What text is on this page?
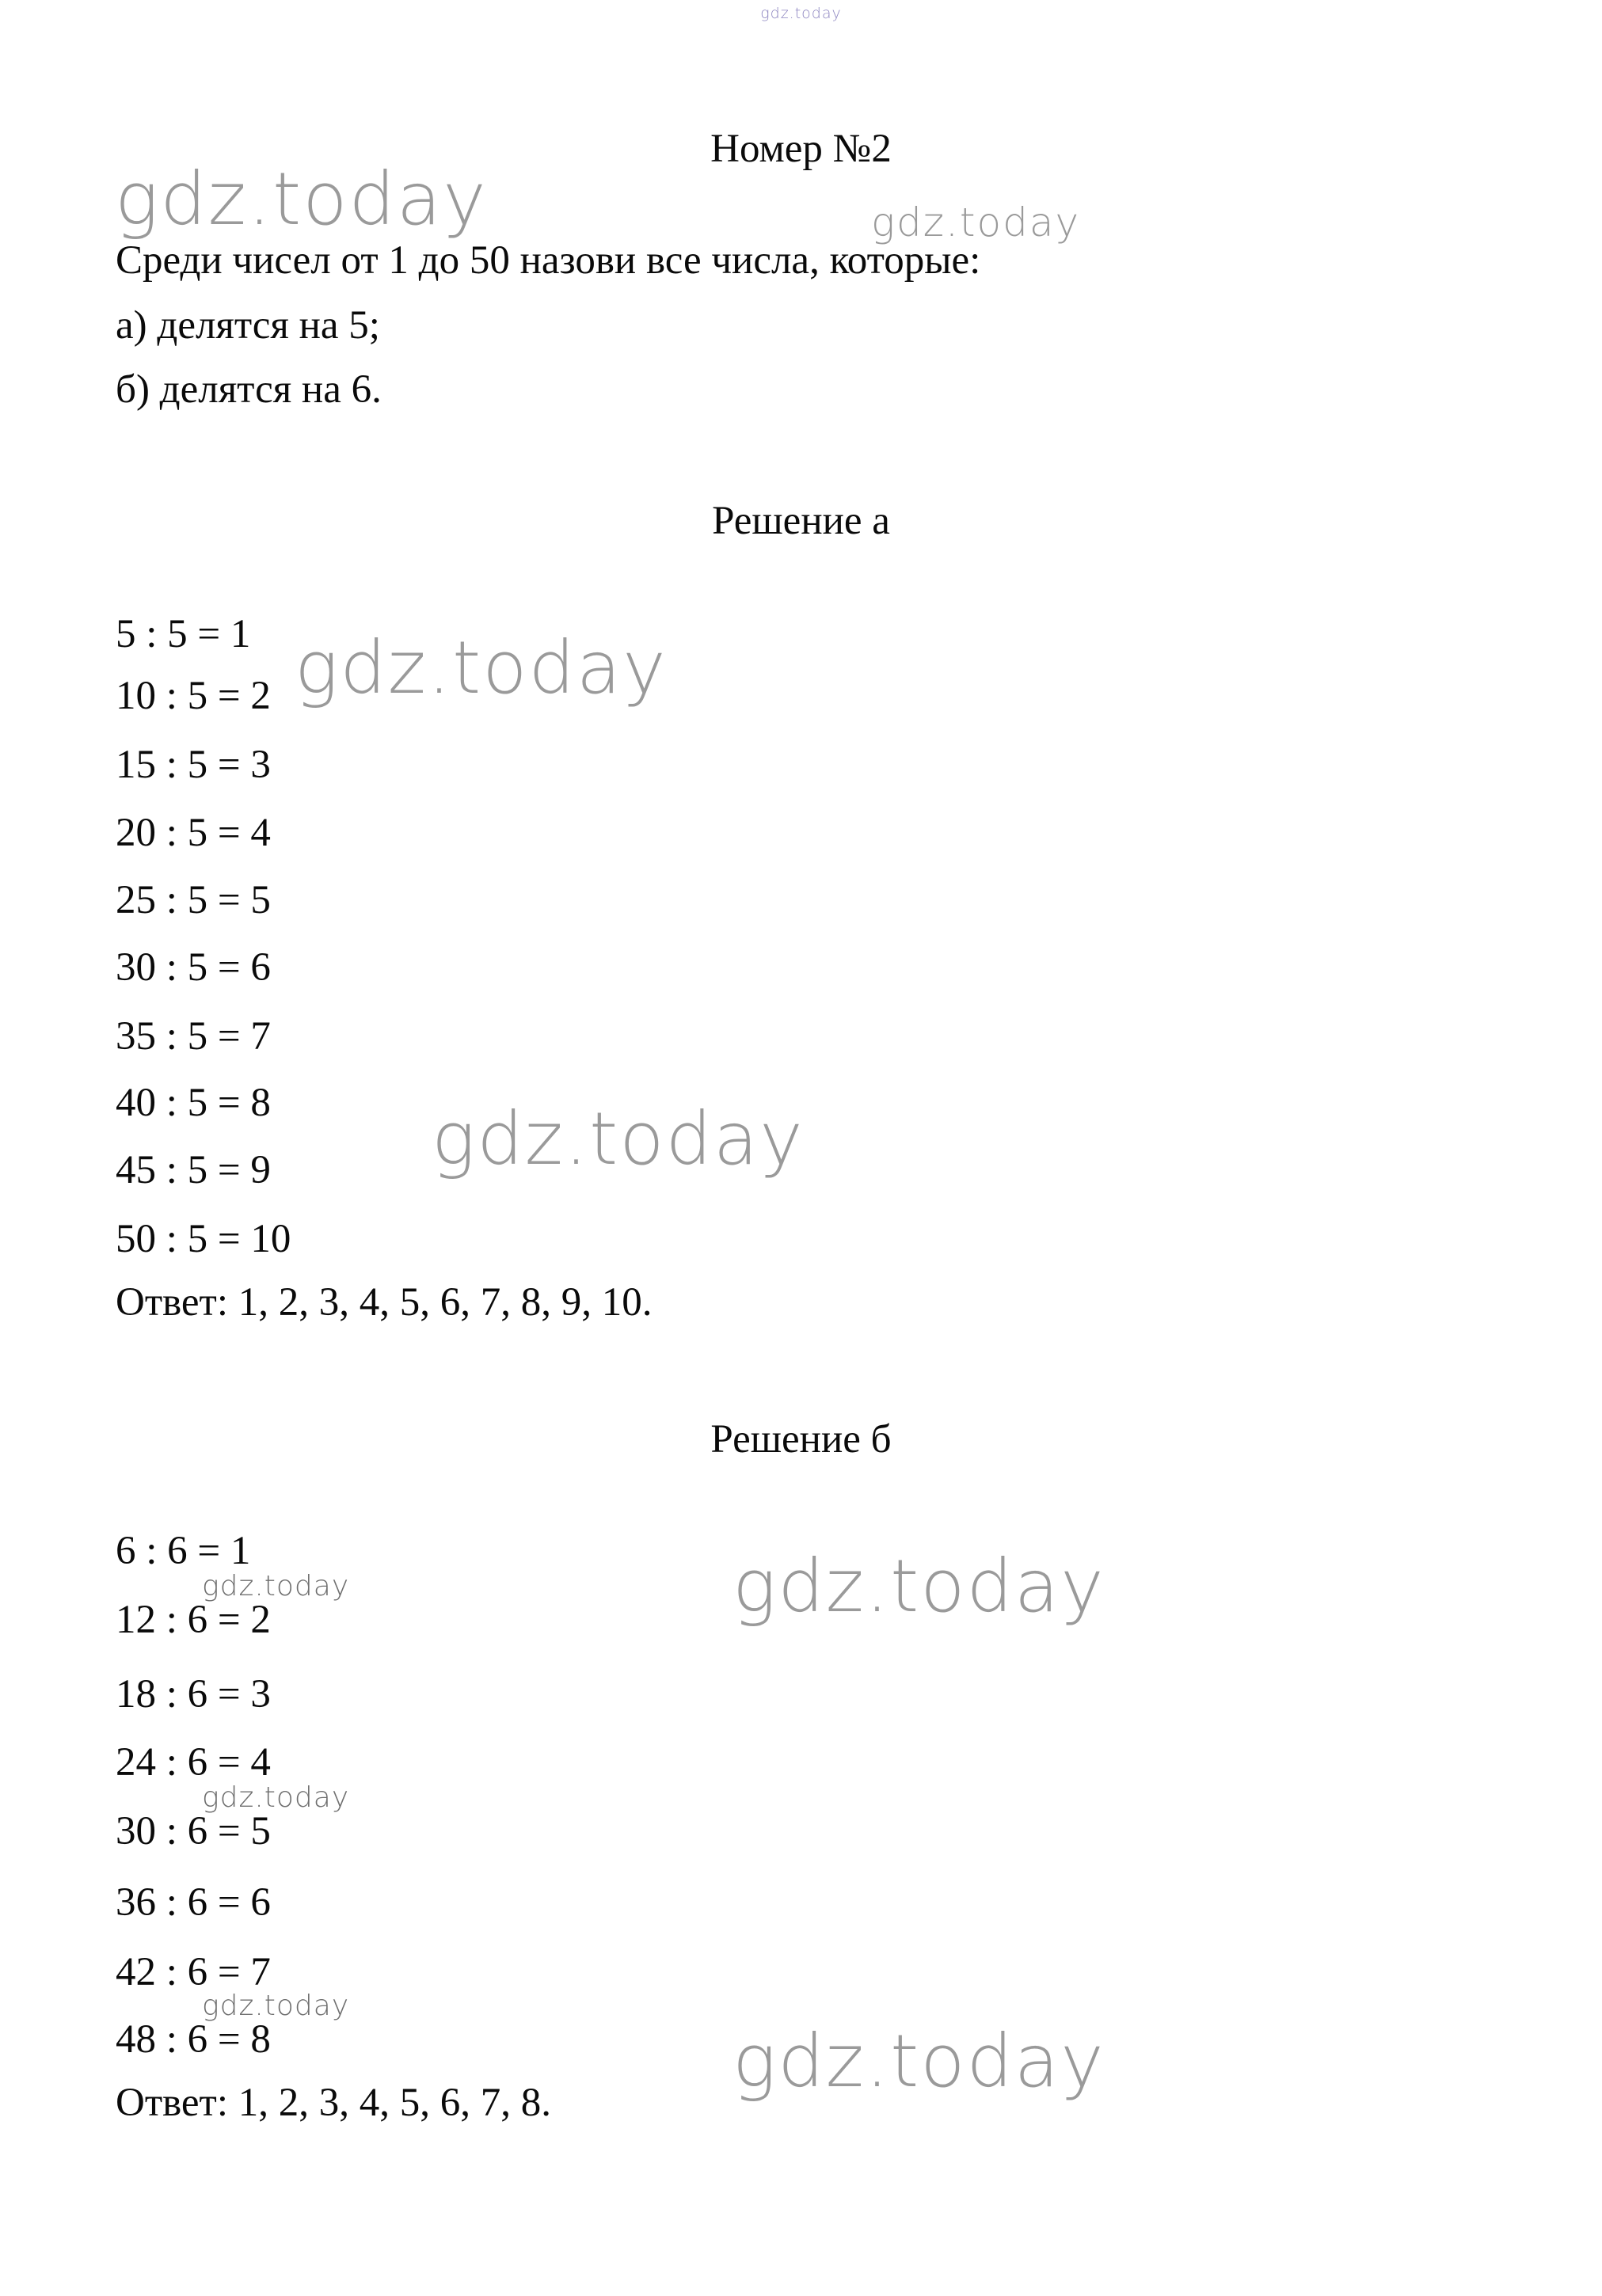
gdz.today
gdz.today	gdz.today
gdz.today
gdz.today
gdz.today
gdz.today
gdz.today
gdz.today
gdz.today
Номер №2
Среди чисел от 1 до 50 назови все числа, которые:
а) делятся на 5;
б) делятся на 6.
Решение а
5 : 5 = 1
10 : 5 = 2
15 : 5 = 3
20 : 5 = 4
25 : 5 = 5
30 : 5 = 6
35 : 5 = 7
40 : 5 = 8
45 : 5 = 9
50 : 5 = 10
Ответ: 1, 2, 3, 4, 5, 6, 7, 8, 9, 10.
Решение б
6 : 6 = 1
12 : 6 = 2
18 : 6 = 3
24 : 6 = 4
30 : 6 = 5
36 : 6 = 6
42 : 6 = 7
48 : 6 = 8
Ответ: 1, 2, 3, 4, 5, 6, 7, 8.
